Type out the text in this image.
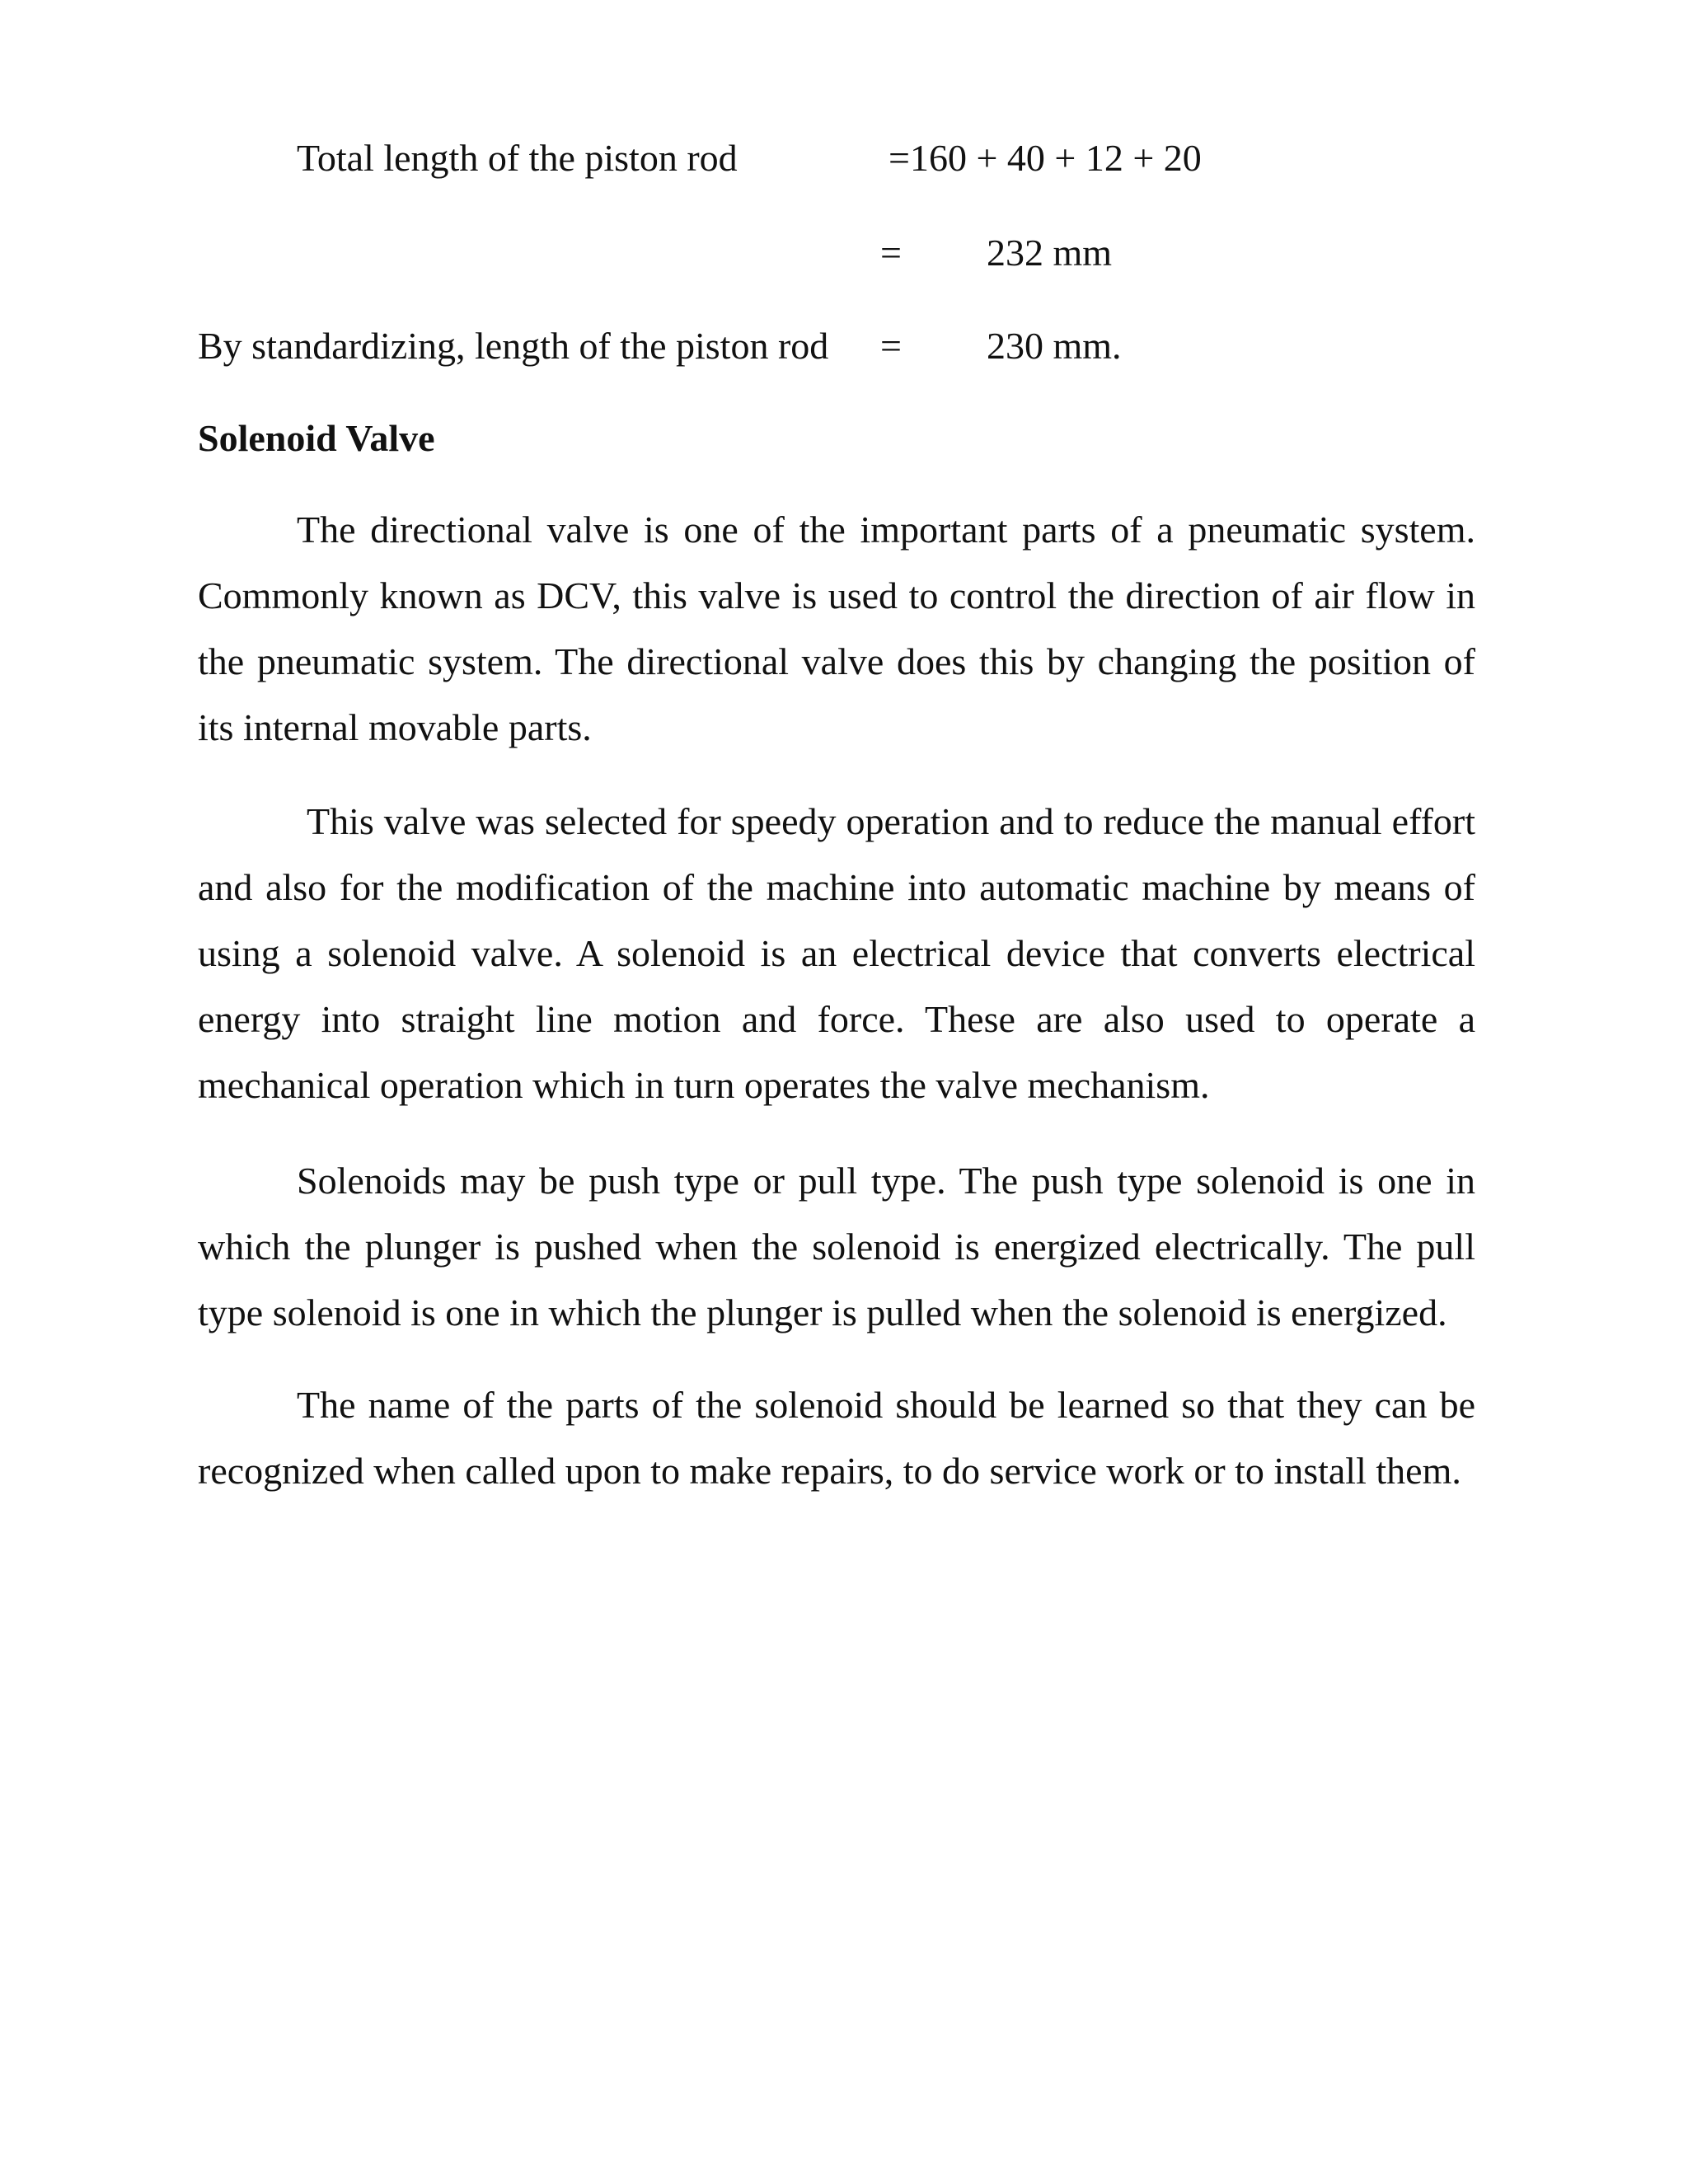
Total length of the piston rod	=160 + 40 + 12 + 20
= 232 mm
By standardizing, length of the piston rod = 230 mm.
Solenoid Valve

The directional valve is one of the important parts of a pneumatic system. Commonly known as DCV, this valve is used to control the direction of air flow in the pneumatic system. The directional valve does this by changing the position of its internal movable parts.

This valve was selected for speedy operation and to reduce the manual effort and also for the modification of the machine into automatic machine by means of using a solenoid valve. A solenoid is an electrical device that converts electrical energy into straight line motion and force. These are also used to operate a mechanical operation which in turn operates the valve mechanism.

Solenoids may be push type or pull type. The push type solenoid is one in which the plunger is pushed when the solenoid is energized electrically. The pull type solenoid is one in which the plunger is pulled when the solenoid is energized.

The name of the parts of the solenoid should be learned so that they can be recognized when called upon to make repairs, to do service work or to install them.
